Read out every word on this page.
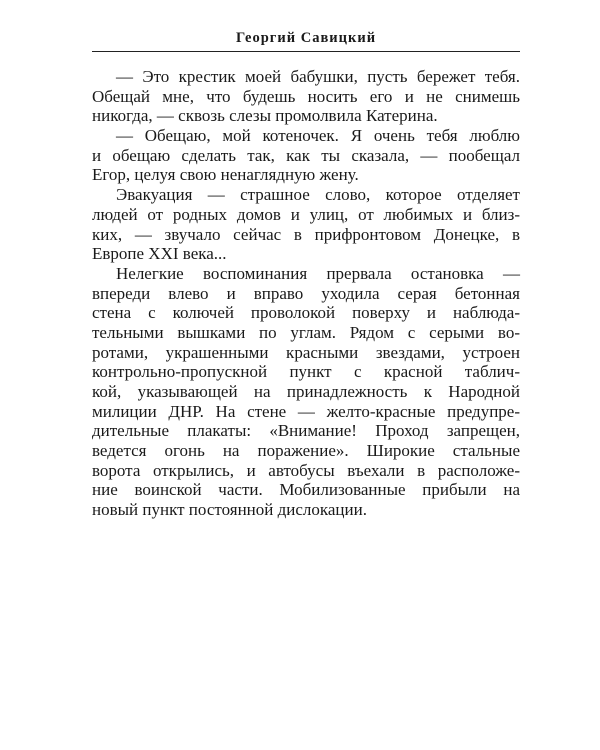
Георгий Савицкий
— Это крестик моей бабушки, пусть бережет тебя.
Обещай мне, что будешь носить его и не снимешь
никогда, — сквозь слезы промолвила Катерина.
— Обещаю, мой котеночек. Я очень тебя люблю
и обещаю сделать так, как ты сказала, — пообещал
Егор, целуя свою ненаглядную жену.
Эвакуация — страшное слово, которое отделяет
людей от родных домов и улиц, от любимых и близ-
ких, — звучало сейчас в прифронтовом Донецке, в
Европе XXI века...
Нелегкие воспоминания прервала остановка —
впереди влево и вправо уходила серая бетонная
стена с колючей проволокой поверху и наблюда-
тельными вышками по углам. Рядом с серыми во-
ротами, украшенными красными звездами, устроен
контрольно-пропускной пункт с красной таблич-
кой, указывающей на принадлежность к Народной
милиции ДНР. На стене — желто-красные предупре-
дительные плакаты: «Внимание! Проход запрещен,
ведется огонь на поражение». Широкие стальные
ворота открылись, и автобусы въехали в расположе-
ние воинской части. Мобилизованные прибыли на
новый пункт постоянной дислокации.
